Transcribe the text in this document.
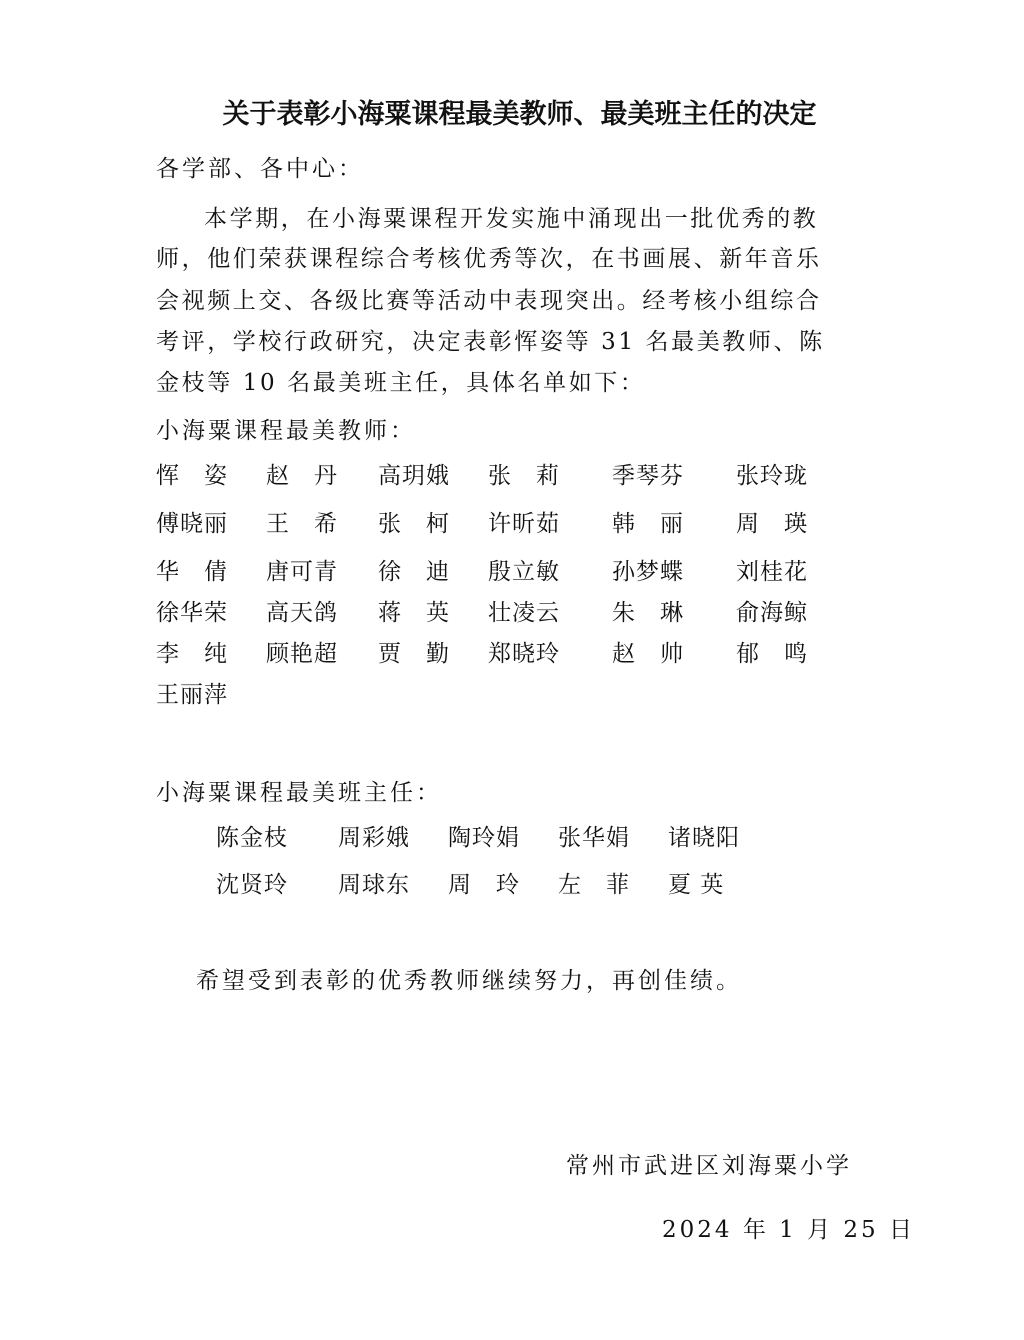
关于表彰小海粟课程最美教师、最美班主任的决定
各学部、各中心：
本学期，在小海粟课程开发实施中涌现出一批优秀的教
师，他们荣获课程综合考核优秀等次，在书画展、新年音乐
会视频上交、各级比赛等活动中表现突出。经考核小组综合
考评，学校行政研究，决定表彰恽姿等 31 名最美教师、陈
金枝等 10 名最美班主任，具体名单如下：
小海粟课程最美教师：
恽　姿 赵　丹 高玥娥 张　莉 季琴芬 张玲珑
傅晓丽 王　希 张　柯 许昕茹 韩　丽 周　瑛
华　倩 唐可青 徐　迪 殷立敏 孙梦蝶 刘桂花
徐华荣 高天鸽 蒋　英 壮凌云 朱　琳 俞海鲸
李　纯 顾艳超 贾　勤 郑晓玲 赵　帅 郁　鸣
王丽萍
小海粟课程最美班主任：
陈金枝 周彩娥 陶玲娟 张华娟 诸晓阳
沈贤玲 周球东 周　玲 左　菲 夏 英
希望受到表彰的优秀教师继续努力，再创佳绩。
常州市武进区刘海粟小学
2024 年 1 月 25 日
